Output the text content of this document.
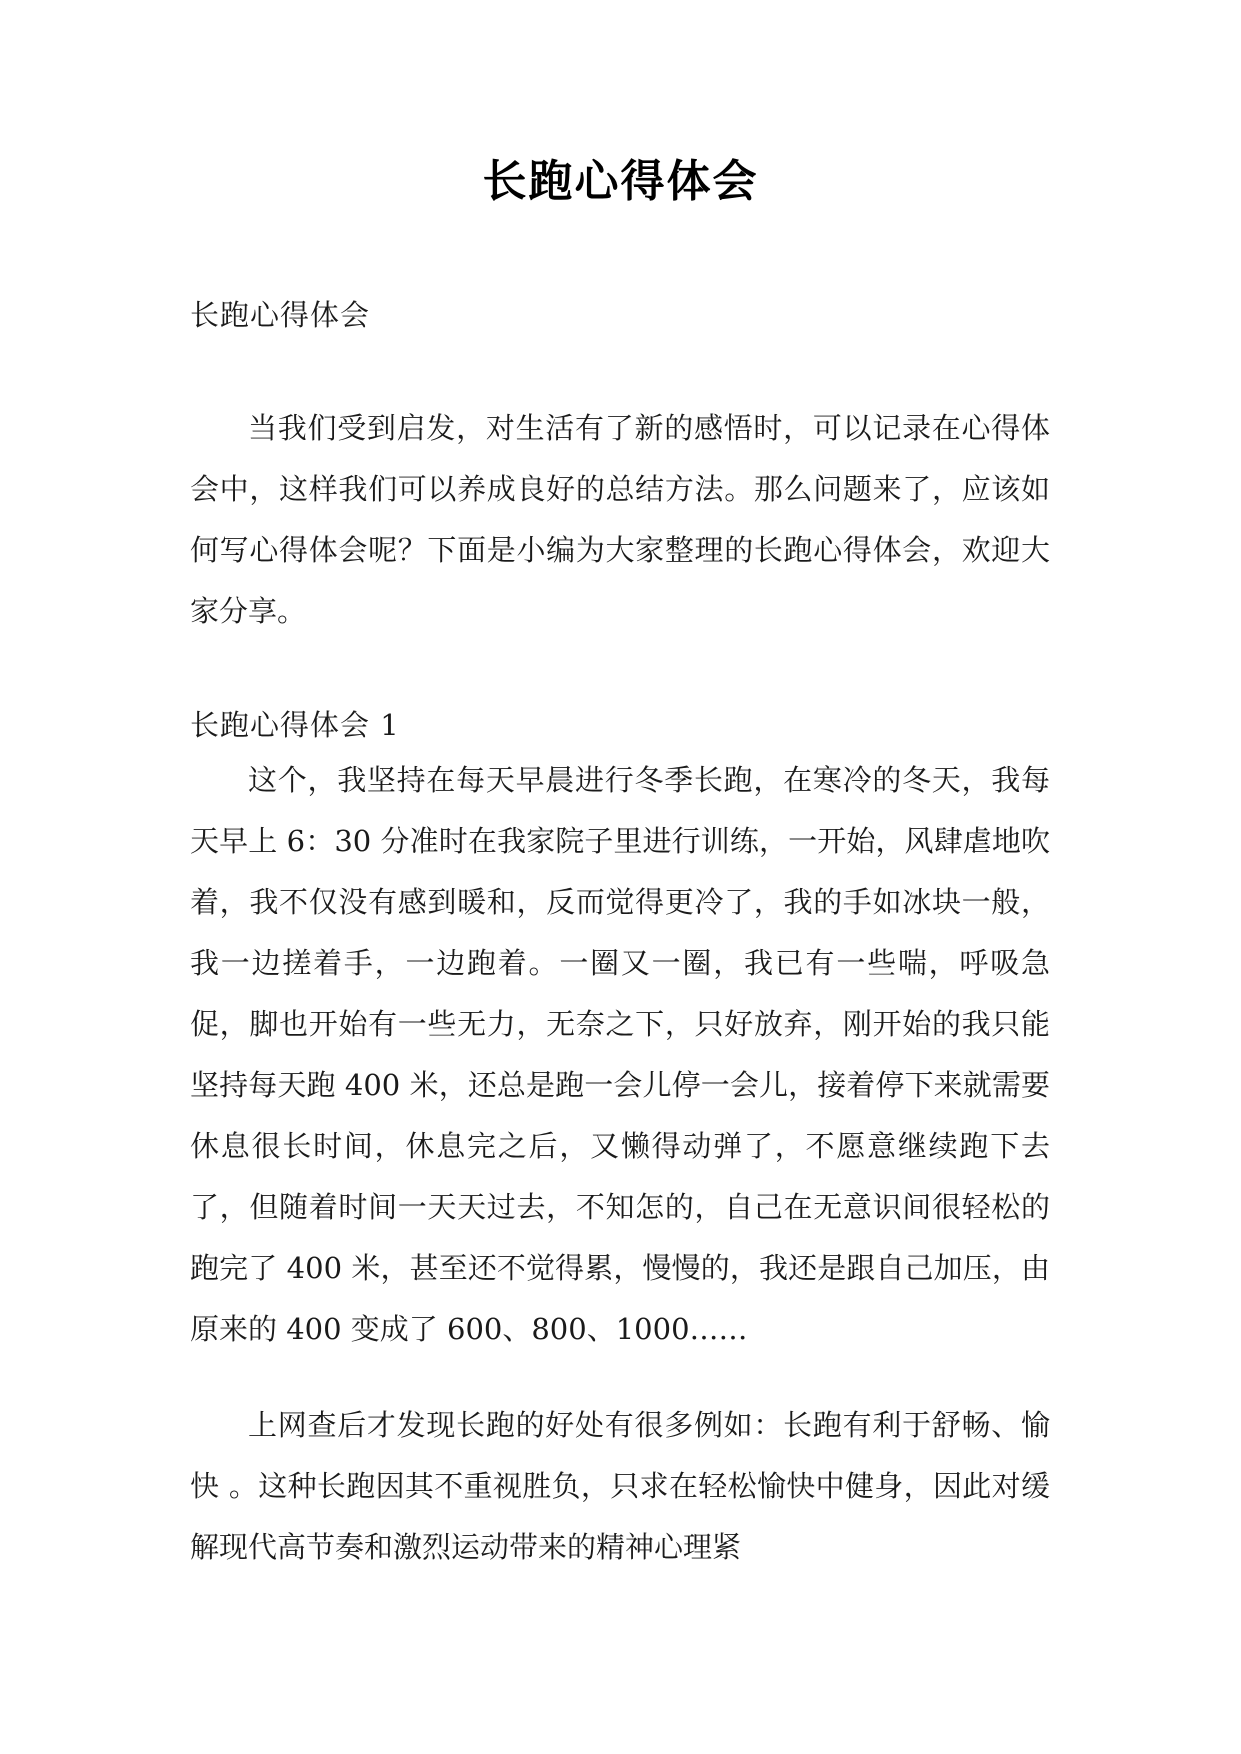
长跑心得体会

长跑心得体会

当我们受到启发，对生活有了新的感悟时，可以记录在心得体会中，这样我们可以养成良好的总结方法。那么问题来了，应该如何写心得体会呢？下面是小编为大家整理的长跑心得体会，欢迎大家分享。

长跑心得体会 1

这个，我坚持在每天早晨进行冬季长跑，在寒冷的冬天，我每天早上 6：30 分准时在我家院子里进行训练，一开始，风肆虐地吹着，我不仅没有感到暖和，反而觉得更冷了，我的手如冰块一般，我一边搓着手，一边跑着。一圈又一圈，我已有一些喘，呼吸急促，脚也开始有一些无力，无奈之下，只好放弃，刚开始的我只能坚持每天跑 400 米，还总是跑一会儿停一会儿，接着停下来就需要休息很长时间，休息完之后，又懒得动弹了，不愿意继续跑下去了，但随着时间一天天过去，不知怎的，自己在无意识间很轻松的跑完了 400 米，甚至还不觉得累，慢慢的，我还是跟自己加压，由原来的 400 变成了 600、800、1000……

上网查后才发现长跑的好处有很多例如：长跑有利于舒畅、愉快 。这种长跑因其不重视胜负，只求在轻松愉快中健身，因此对缓解现代高节奏和激烈运动带来的精神心理紧
